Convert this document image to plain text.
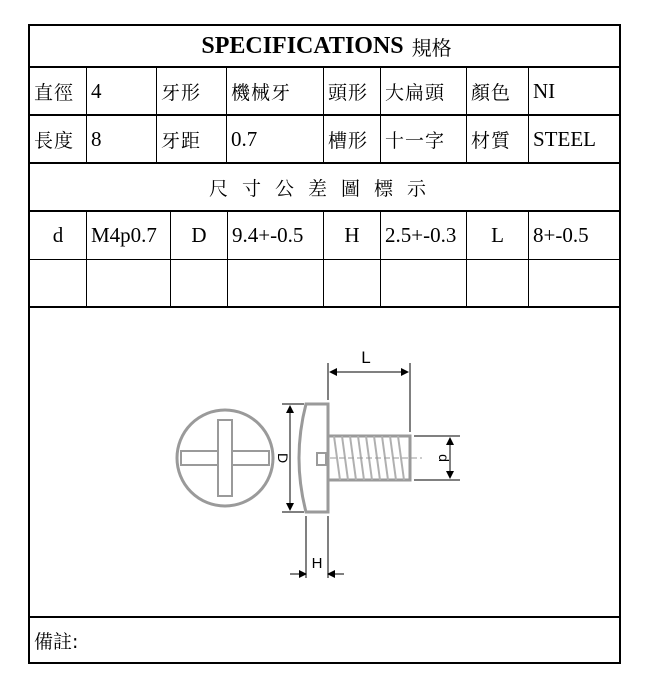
SPECIFICATIONS 規格
直徑 4	牙形	機械牙	頭形 大扁頭	顏色	NI
長度 8	牙距	0.7	槽形 十一字	材質	STEEL
尺寸公差圖標示
d	M4p0.7	D	9.4+-0.5	H	2.5+-0.3	L	8+-0.5
L
D	d
H
備註:
